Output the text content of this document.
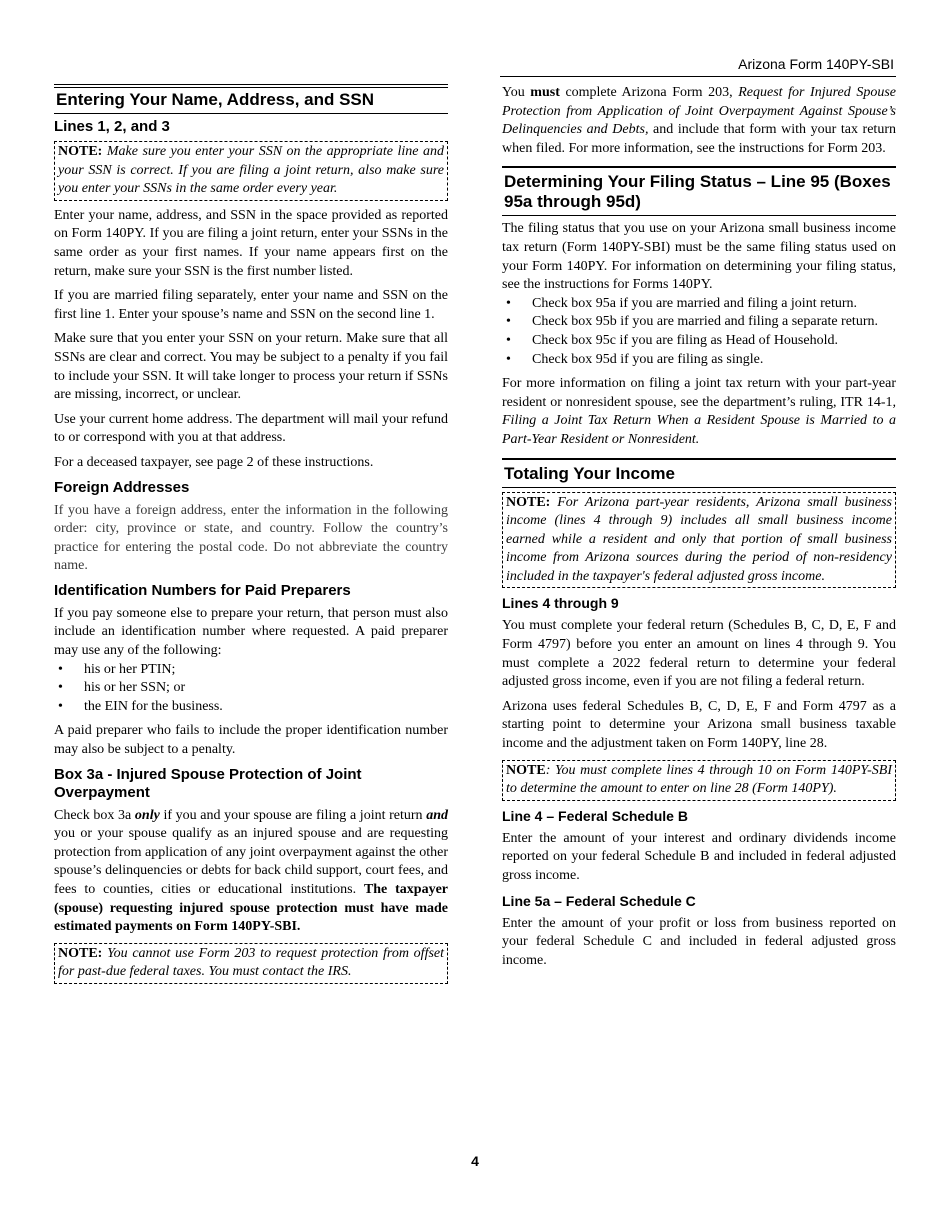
Arizona Form 140PY-SBI
Entering Your Name, Address, and SSN
Lines 1, 2, and 3
NOTE: Make sure you enter your SSN on the appropriate line and your SSN is correct. If you are filing a joint return, also make sure you enter your SSNs in the same order every year.

Enter your name, address, and SSN in the space provided as reported on Form 140PY. If you are filing a joint return, enter your SSNs in the same order as your first names. If your name appears first on the return, make sure your SSN is the first number listed.

If you are married filing separately, enter your name and SSN on the first line 1. Enter your spouse’s name and SSN on the second line 1.

Make sure that you enter your SSN on your return. Make sure that all SSNs are clear and correct. You may be subject to a penalty if you fail to include your SSN. It will take longer to process your return if SSNs are missing, incorrect, or unclear.

Use your current home address. The department will mail your refund to or correspond with you at that address.

For a deceased taxpayer, see page 2 of these instructions.

Foreign Addresses

If you have a foreign address, enter the information in the following order: city, province or state, and country. Follow the country’s practice for entering the postal code. Do not abbreviate the country name.

Identification Numbers for Paid Preparers

If you pay someone else to prepare your return, that person must also include an identification number where requested. A paid preparer may use any of the following:

• his or her PTIN;
• his or her SSN; or
• the EIN for the business.

A paid preparer who fails to include the proper identification number may also be subject to a penalty.

Box 3a - Injured Spouse Protection of Joint Overpayment

Check box 3a only if you and your spouse are filing a joint return and you or your spouse qualify as an injured spouse and are requesting protection from application of any joint overpayment against the other spouse’s delinquencies or debts for back child support, court fees, and fees to counties, cities or educational institutions. The taxpayer (spouse) requesting injured spouse protection must have made estimated payments on Form 140PY-SBI.

NOTE: You cannot use Form 203 to request protection from offset for past-due federal taxes. You must contact the IRS.

You must complete Arizona Form 203, Request for Injured Spouse Protection from Application of Joint Overpayment Against Spouse’s Delinquencies and Debts, and include that form with your tax return when filed. For more information, see the instructions for Form 203.

Determining Your Filing Status – Line 95 (Boxes 95a through 95d)

The filing status that you use on your Arizona small business income tax return (Form 140PY-SBI) must be the same filing status used on your Form 140PY. For information on determining your filing status, see the instructions for Forms 140PY.

• Check box 95a if you are married and filing a joint return.
• Check box 95b if you are married and filing a separate return.
• Check box 95c if you are filing as Head of Household.
• Check box 95d if you are filing as single.

For more information on filing a joint tax return with your part-year resident or nonresident spouse, see the department’s ruling, ITR 14-1, Filing a Joint Tax Return When a Resident Spouse is Married to a Part-Year Resident or Nonresident.

Totaling Your Income
NOTE: For Arizona part-year residents, Arizona small business income (lines 4 through 9) includes all small business income earned while a resident and only that portion of small business income from Arizona sources during the period of non-residency included in the taxpayer's federal adjusted gross income.
Lines 4 through 9

You must complete your federal return (Schedules B, C, D, E, F and Form 4797) before you enter an amount on lines 4 through 9. You must complete a 2022 federal return to determine your federal adjusted gross income, even if you are not filing a federal return.

Arizona uses federal Schedules B, C, D, E, F and Form 4797 as a starting point to determine your Arizona small business taxable income and the adjustment taken on Form 140PY, line 28.

NOTE: You must complete lines 4 through 10 on Form 140PY-SBI to determine the amount to enter on line 28 (Form 140PY).
Line 4 – Federal Schedule B

Enter the amount of your interest and ordinary dividends income reported on your federal Schedule B and included in federal adjusted gross income.

Line 5a – Federal Schedule C

Enter the amount of your profit or loss from business reported on your federal Schedule C and included in federal adjusted gross income.

4
